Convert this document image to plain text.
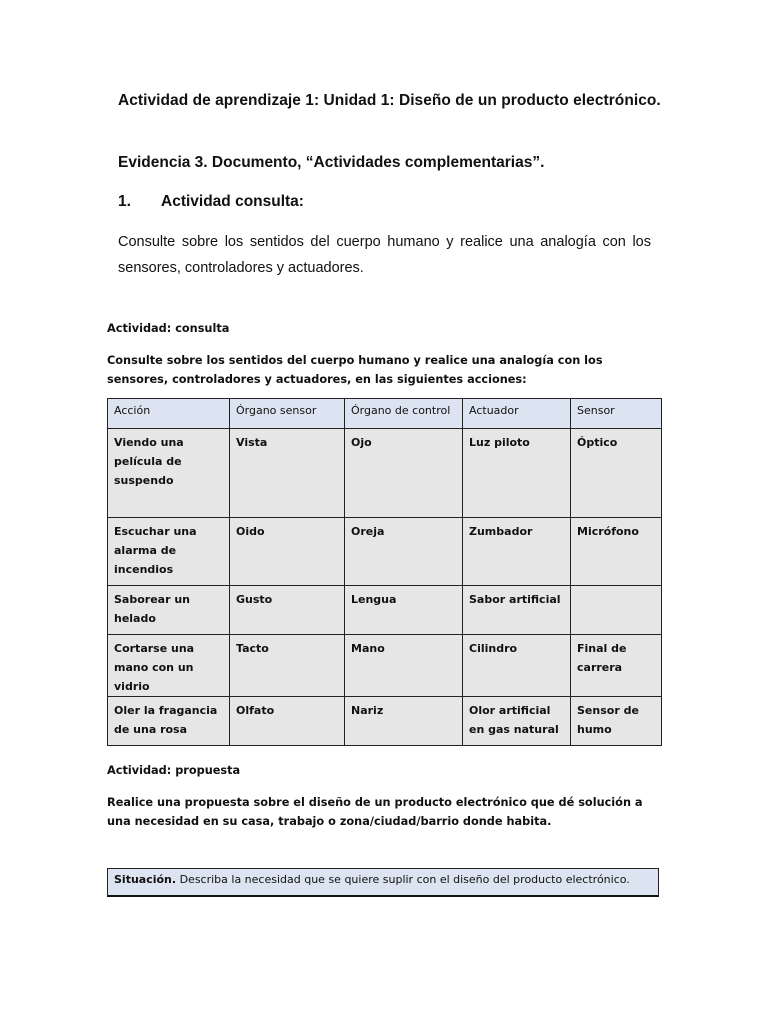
Actividad de aprendizaje 1: Unidad 1: Diseño de un producto electrónico.
Evidencia 3. Documento, “Actividades complementarias”.
1. Actividad consulta:
Consulte sobre los sentidos del cuerpo humano y realice una analogía con los sensores, controladores y actuadores.
Actividad: consulta
Consulte sobre los sentidos del cuerpo humano y realice una analogía con los sensores, controladores y actuadores, en las siguientes acciones:
Acción	Órgano sensor	Órgano de control	Actuador	Sensor
Viendo una película de suspendo	Vista	Ojo	Luz piloto	Óptico
Escuchar una alarma de incendios	Oido	Oreja	Zumbador	Micrófono
Saborear un helado	Gusto	Lengua	Sabor artificial	
Cortarse una mano con un vidrio	Tacto	Mano	Cilindro	Final de carrera
Oler la fragancia de una rosa	Olfato	Nariz	Olor artificial en gas natural	Sensor de humo
Actividad: propuesta
Realice una propuesta sobre el diseño de un producto electrónico que dé solución a una necesidad en su casa, trabajo o zona/ciudad/barrio donde habita.
Situación. Describa la necesidad que se quiere suplir con el diseño del producto electrónico.
